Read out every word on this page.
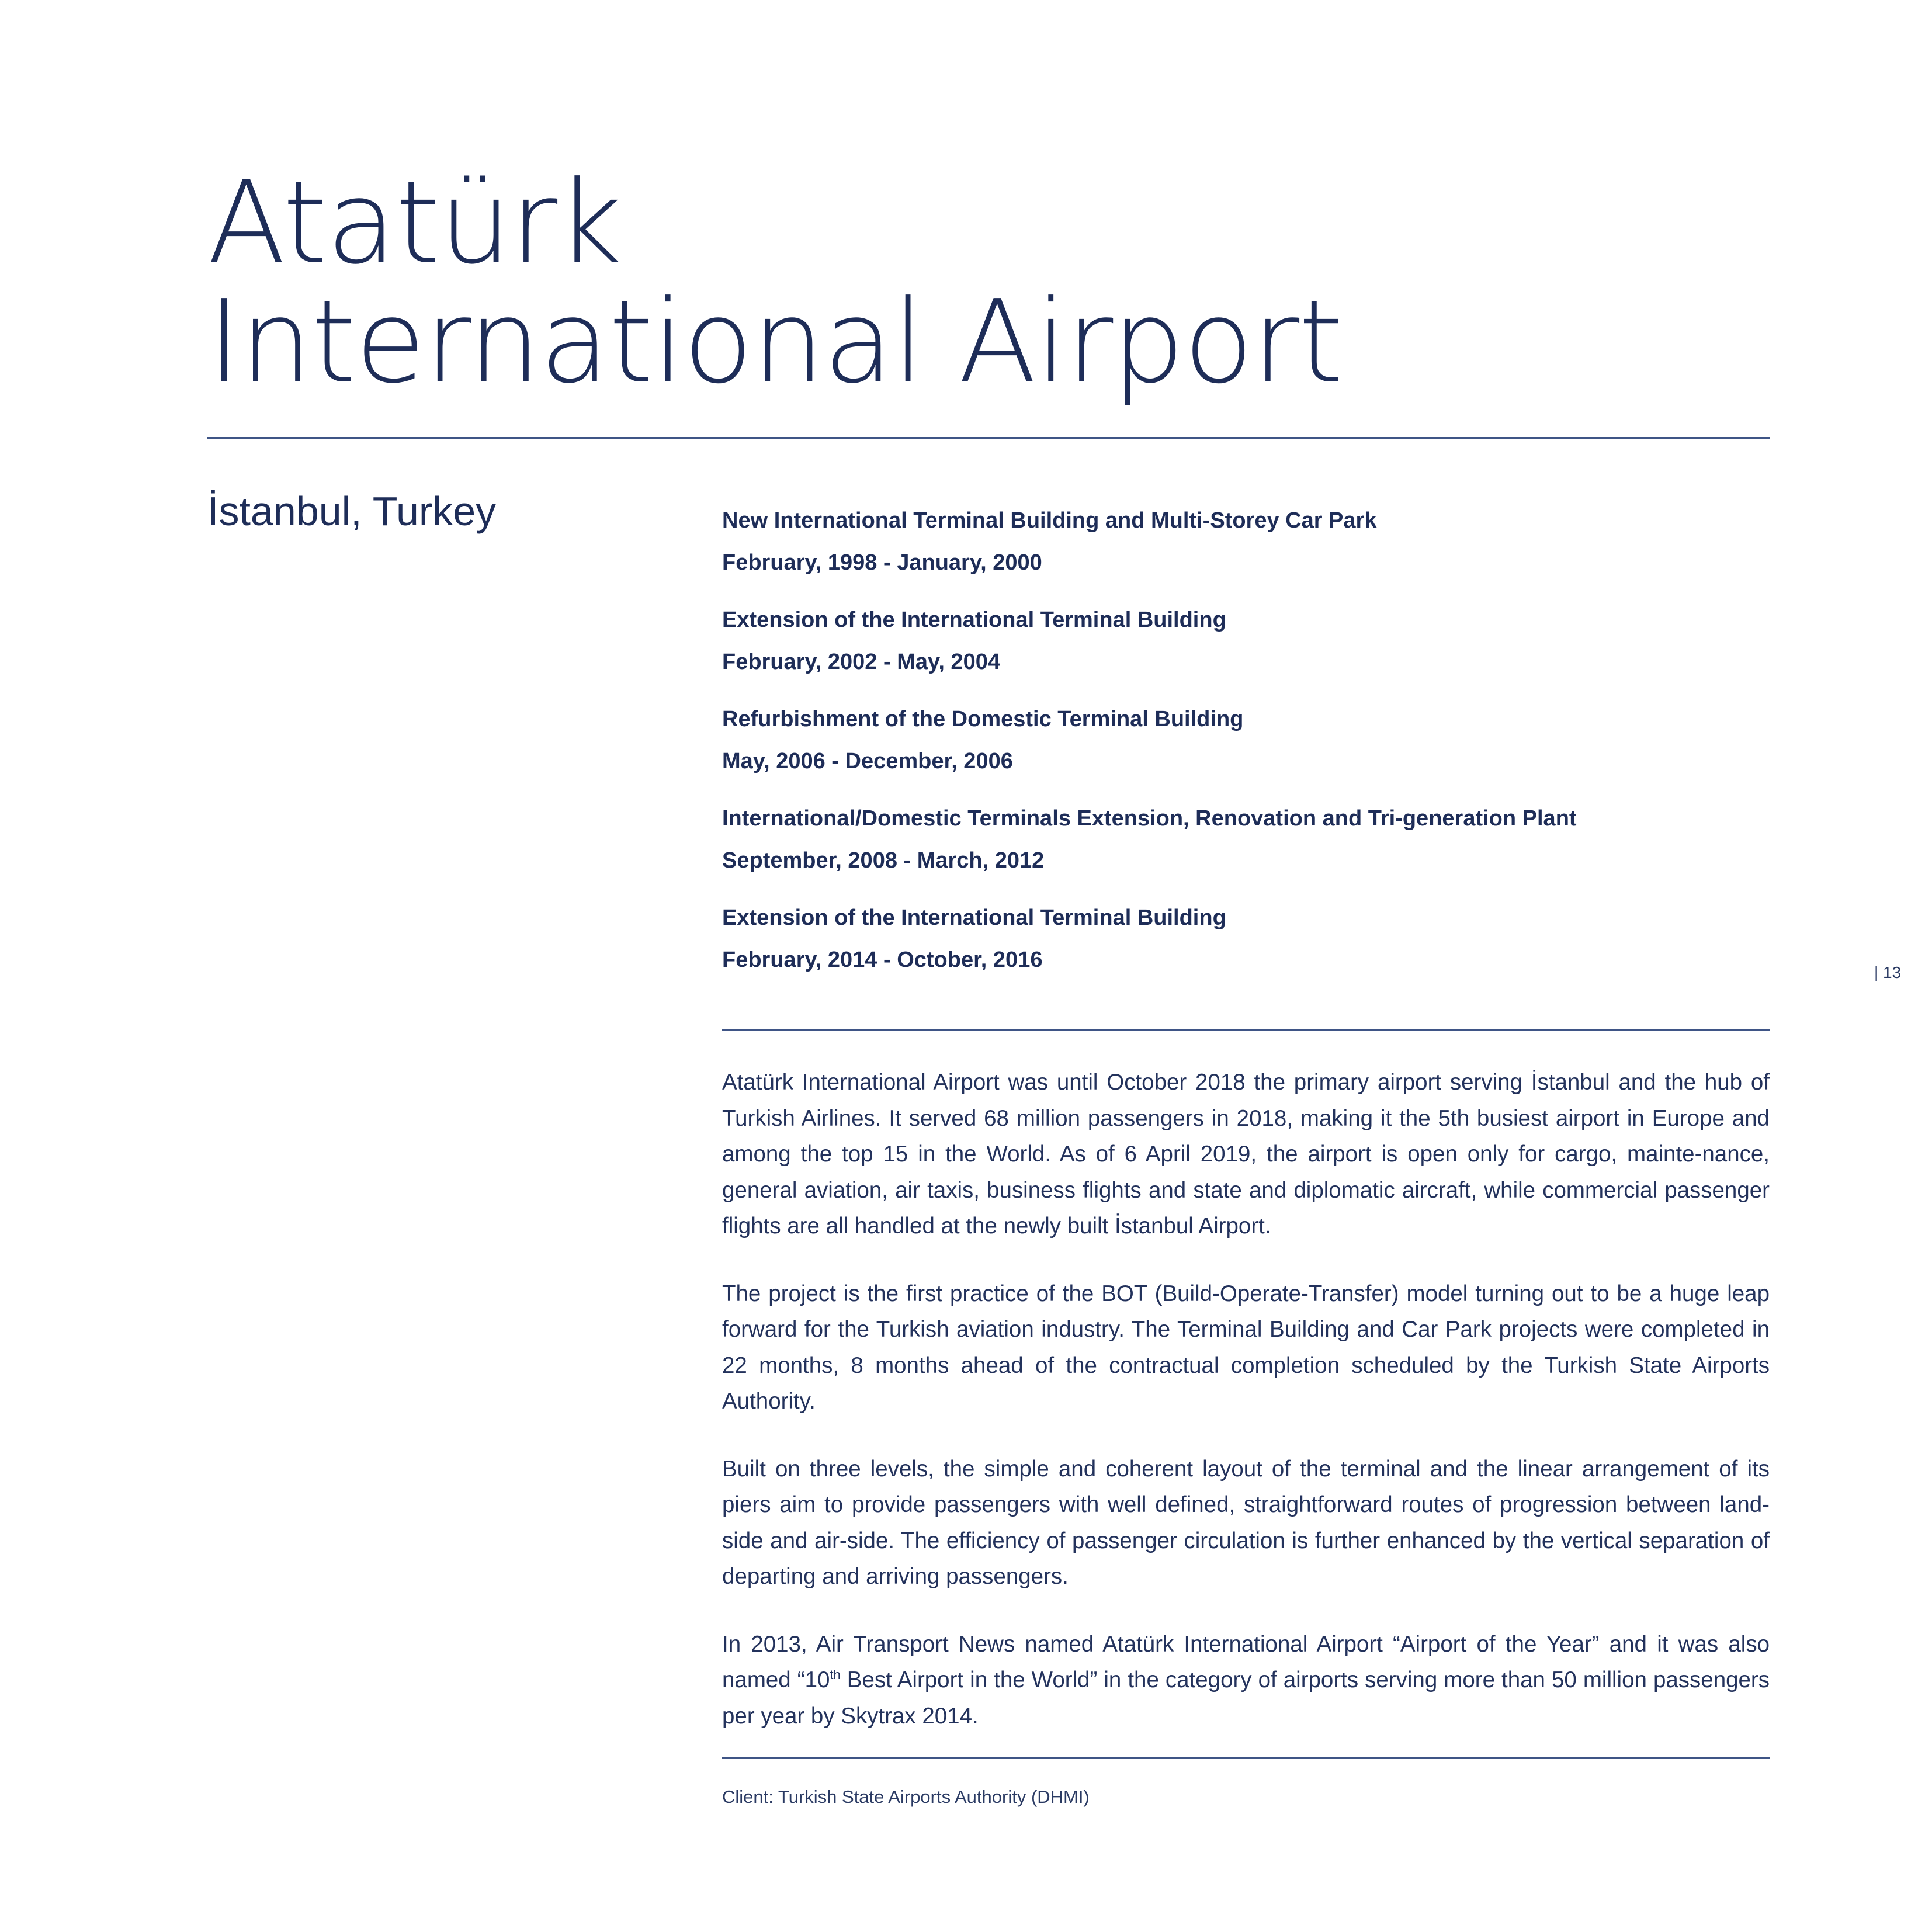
Atatürk
International Airport
İstanbul, Turkey	New International Terminal Building and Multi-Storey Car Park
February, 1998 - January, 2000
Extension of the International Terminal Building
February, 2002 - May, 2004
Refurbishment of the Domestic Terminal Building
May, 2006 - December, 2006
International/Domestic Terminals Extension, Renovation and Tri-generation Plant
September, 2008 - March, 2012
Extension of the International Terminal Building
February, 2014 - October, 2016
| 13

Atatürk International Airport was until October 2018 the primary airport serving İstanbul and the hub of Turkish Airlines. It served 68 million passengers in 2018, making it the 5th busiest airport in Europe and among the top 15 in the World. As of 6 April 2019, the airport is open only for cargo, mainte-nance, general aviation, air taxis, business flights and state and diplomatic aircraft, while commercial passenger flights are all handled at the newly built İstanbul Airport.

The project is the first practice of the BOT (Build-Operate-Transfer) model turning out to be a huge leap forward for the Turkish aviation industry. The Terminal Building and Car Park projects were completed in 22 months, 8 months ahead of the contractual completion scheduled by the Turkish State Airports Authority.

Built on three levels, the simple and coherent layout of the terminal and the linear arrangement of its piers aim to provide passengers with well defined, straightforward routes of progression between land-side and air-side. The efficiency of passenger circulation is further enhanced by the vertical separation of departing and arriving passengers.

In 2013, Air Transport News named Atatürk International Airport “Airport of the Year” and it was also named “10th Best Airport in the World” in the category of airports serving more than 50 million passengers per year by Skytrax 2014.

Client: Turkish State Airports Authority (DHMI)
